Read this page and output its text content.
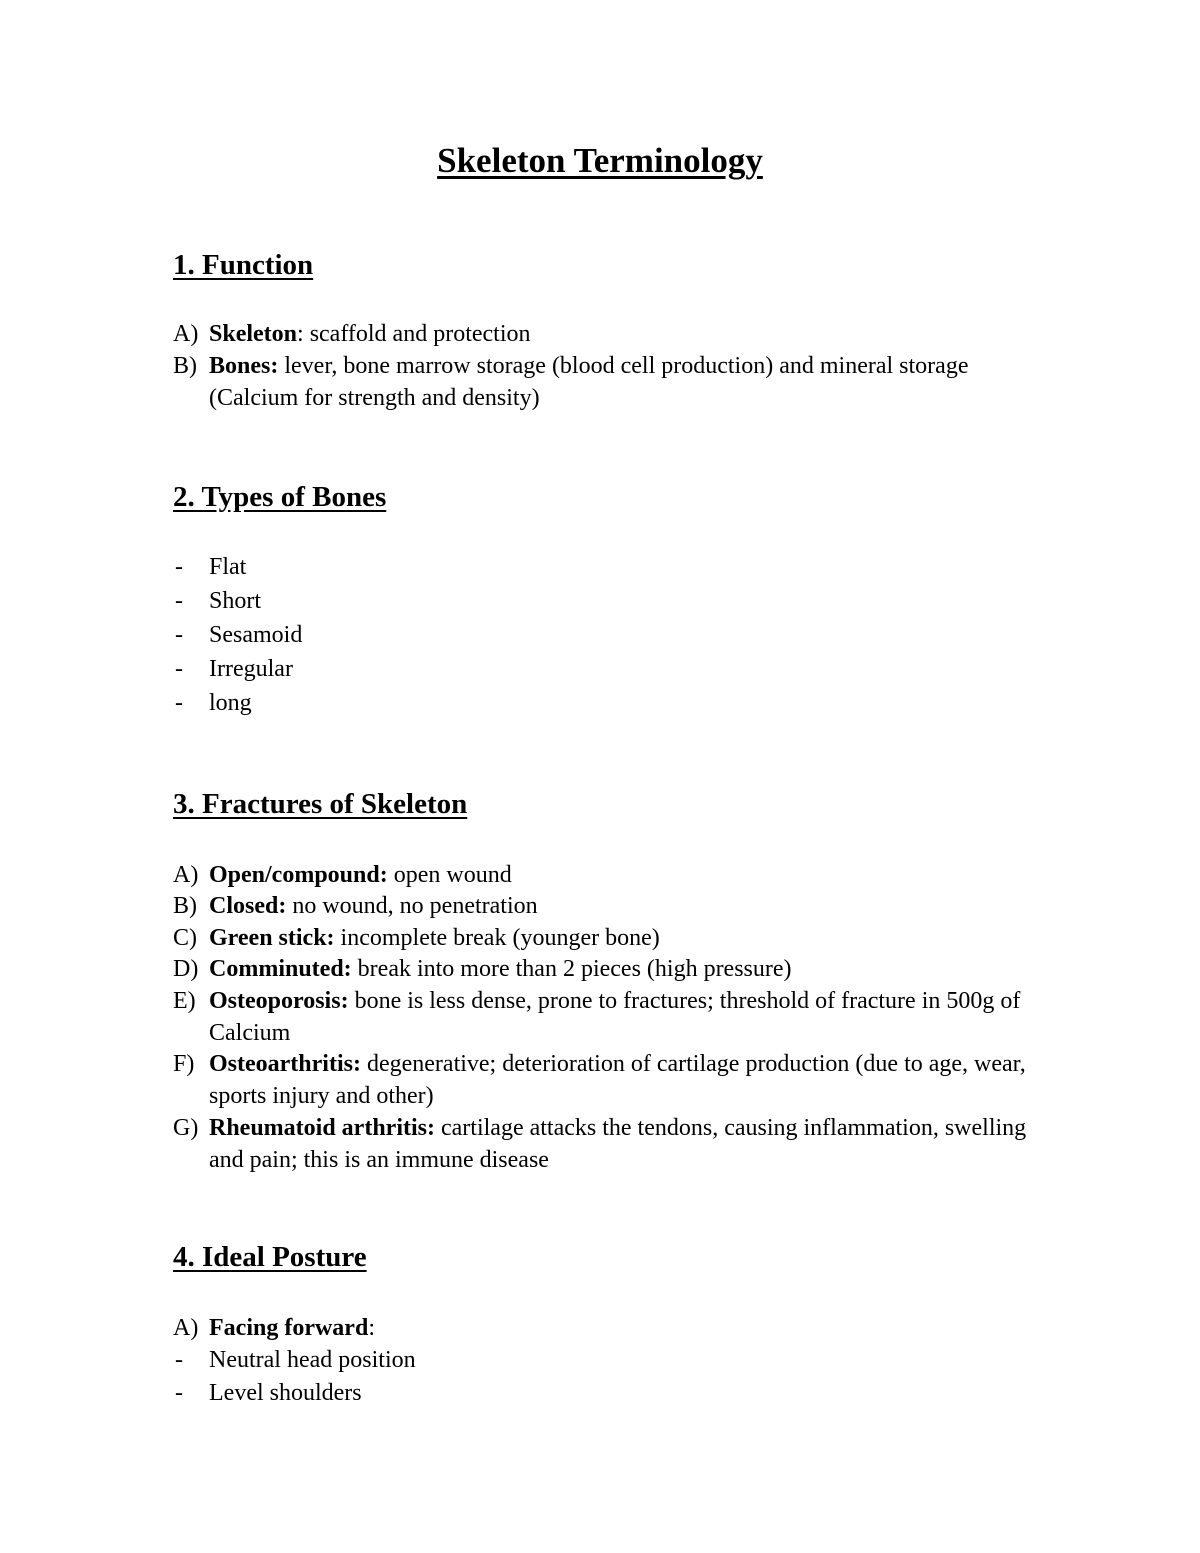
Skeleton Terminology
1. Function
A) Skeleton: scaffold and protection
B) Bones: lever, bone marrow storage (blood cell production) and mineral storage (Calcium for strength and density)
2. Types of Bones
- Flat
- Short
- Sesamoid
- Irregular
- long
3. Fractures of Skeleton
A) Open/compound: open wound
B) Closed: no wound, no penetration
C) Green stick: incomplete break (younger bone)
D) Comminuted: break into more than 2 pieces (high pressure)
E) Osteoporosis: bone is less dense, prone to fractures; threshold of fracture in 500g of Calcium
F) Osteoarthritis: degenerative; deterioration of cartilage production (due to age, wear, sports injury and other)
G) Rheumatoid arthritis: cartilage attacks the tendons, causing inflammation, swelling and pain; this is an immune disease
4. Ideal Posture
A) Facing forward:
- Neutral head position
- Level shoulders
